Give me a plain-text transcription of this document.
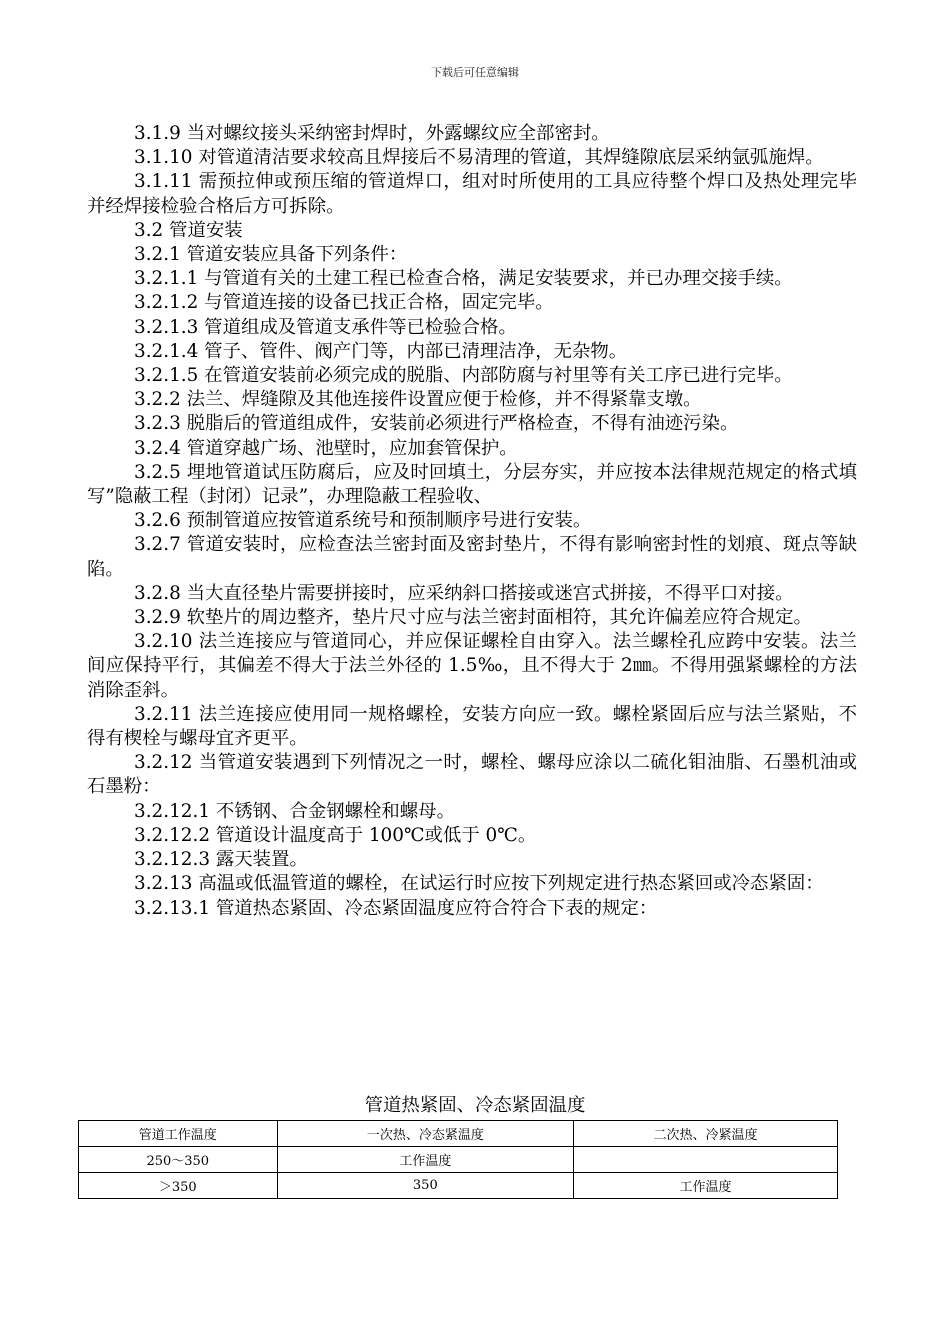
下载后可任意编辑

3.1.9 当对螺纹接头采纳密封焊时，外露螺纹应全部密封。

3.1.10 对管道清洁要求较高且焊接后不易清理的管道，其焊缝隙底层采纳氩弧施焊。

3.1.11 需预拉伸或预压缩的管道焊口，组对时所使用的工具应待整个焊口及热处理完毕并经焊接检验合格后方可拆除。

3.2 管道安装

3.2.1 管道安装应具备下列条件：

3.2.1.1 与管道有关的土建工程已检查合格，满足安装要求，并已办理交接手续。

3.2.1.2 与管道连接的设备已找正合格，固定完毕。

3.2.1.3 管道组成及管道支承件等已检验合格。

3.2.1.4 管子、管件、阀产门等，内部已清理洁净，无杂物。

3.2.1.5 在管道安装前必须完成的脱脂、内部防腐与衬里等有关工序已进行完毕。

3.2.2 法兰、焊缝隙及其他连接件设置应便于检修，并不得紧靠支墩。

3.2.3 脱脂后的管道组成件，安装前必须进行严格检查，不得有油迹污染。

3.2.4 管道穿越广场、池壁时，应加套管保护。

3.2.5 埋地管道试压防腐后，应及时回填土，分层夯实，并应按本法律规范规定的格式填写”隐蔽工程（封闭）记录”，办理隐蔽工程验收、

3.2.6 预制管道应按管道系统号和预制顺序号进行安装。

3.2.7 管道安装时，应检查法兰密封面及密封垫片，不得有影响密封性的划痕、斑点等缺陷。

3.2.8 当大直径垫片需要拼接时，应采纳斜口搭接或迷宫式拼接，不得平口对接。

3.2.9 软垫片的周边整齐，垫片尺寸应与法兰密封面相符，其允许偏差应符合规定。

3.2.10 法兰连接应与管道同心，并应保证螺栓自由穿入。法兰螺栓孔应跨中安装。法兰间应保持平行，其偏差不得大于法兰外径的 1.5‰，且不得大于 2㎜。不得用强紧螺栓的方法消除歪斜。

3.2.11 法兰连接应使用同一规格螺栓，安装方向应一致。螺栓紧固后应与法兰紧贴，不得有楔栓与螺母宜齐更平。

3.2.12 当管道安装遇到下列情况之一时，螺栓、螺母应涂以二硫化钼油脂、石墨机油或石墨粉：

3.2.12.1 不锈钢、合金钢螺栓和螺母。

3.2.12.2 管道设计温度高于 100℃或低于 0℃。

3.2.12.3 露天装置。

3.2.13 高温或低温管道的螺栓，在试运行时应按下列规定进行热态紧回或冷态紧固：

3.2.13.1 管道热态紧固、冷态紧固温度应符合符合下表的规定：

管道热紧固、冷态紧固温度
管道工作温度	一次热、冷态紧温度	二次热、冷紧温度
250～350	工作温度	
＞350	350	工作温度
